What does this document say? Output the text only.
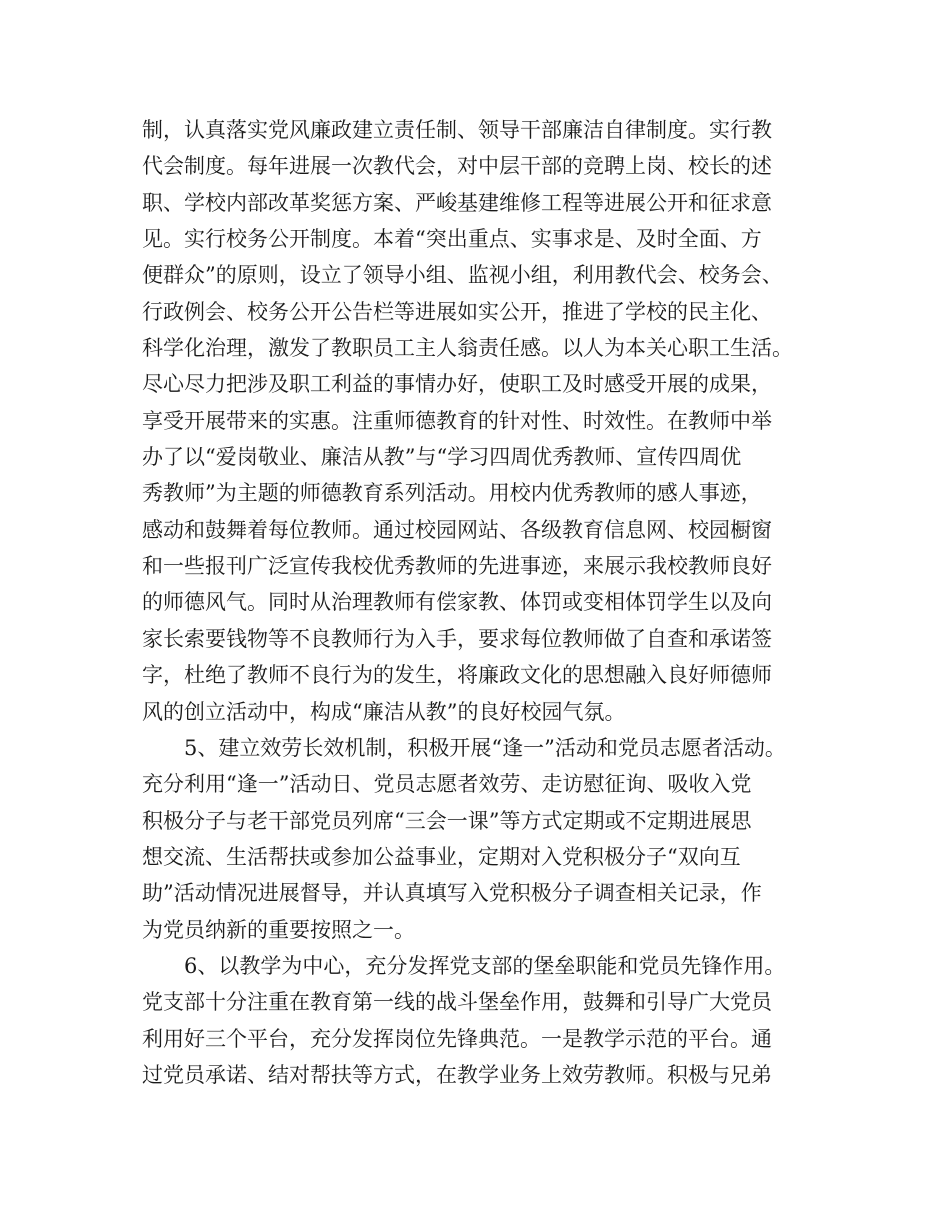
制，认真落实党风廉政建立责任制、领导干部廉洁自律制度。实行教
代会制度。每年进展一次教代会，对中层干部的竞聘上岗、校长的述
职、学校内部改革奖惩方案、严峻基建维修工程等进展公开和征求意
见。实行校务公开制度。本着“突出重点、实事求是、及时全面、方
便群众”的原则，设立了领导小组、监视小组，利用教代会、校务会、
行政例会、校务公开公告栏等进展如实公开，推进了学校的民主化、
科学化治理，激发了教职员工主人翁责任感。以人为本关心职工生活。
尽心尽力把涉及职工利益的事情办好，使职工及时感受开展的成果，
享受开展带来的实惠。注重师德教育的针对性、时效性。在教师中举
办了以“爱岗敬业、廉洁从教”与“学习四周优秀教师、宣传四周优
秀教师”为主题的师德教育系列活动。用校内优秀教师的感人事迹，
感动和鼓舞着每位教师。通过校园网站、各级教育信息网、校园橱窗
和一些报刊广泛宣传我校优秀教师的先进事迹，来展示我校教师良好
的师德风气。同时从治理教师有偿家教、体罚或变相体罚学生以及向
家长索要钱物等不良教师行为入手，要求每位教师做了自查和承诺签
字，杜绝了教师不良行为的发生，将廉政文化的思想融入良好师德师
风的创立活动中，构成“廉洁从教”的良好校园气氛。
　　5、建立效劳长效机制，积极开展“逢一”活动和党员志愿者活动。
充分利用“逢一”活动日、党员志愿者效劳、走访慰征询、吸收入党
积极分子与老干部党员列席“三会一课”等方式定期或不定期进展思
想交流、生活帮扶或参加公益事业，定期对入党积极分子“双向互
助”活动情况进展督导，并认真填写入党积极分子调查相关记录，作
为党员纳新的重要按照之一。
　　6、以教学为中心，充分发挥党支部的堡垒职能和党员先锋作用。
党支部十分注重在教育第一线的战斗堡垒作用，鼓舞和引导广大党员
利用好三个平台，充分发挥岗位先锋典范。一是教学示范的平台。通
过党员承诺、结对帮扶等方式，在教学业务上效劳教师。积极与兄弟
